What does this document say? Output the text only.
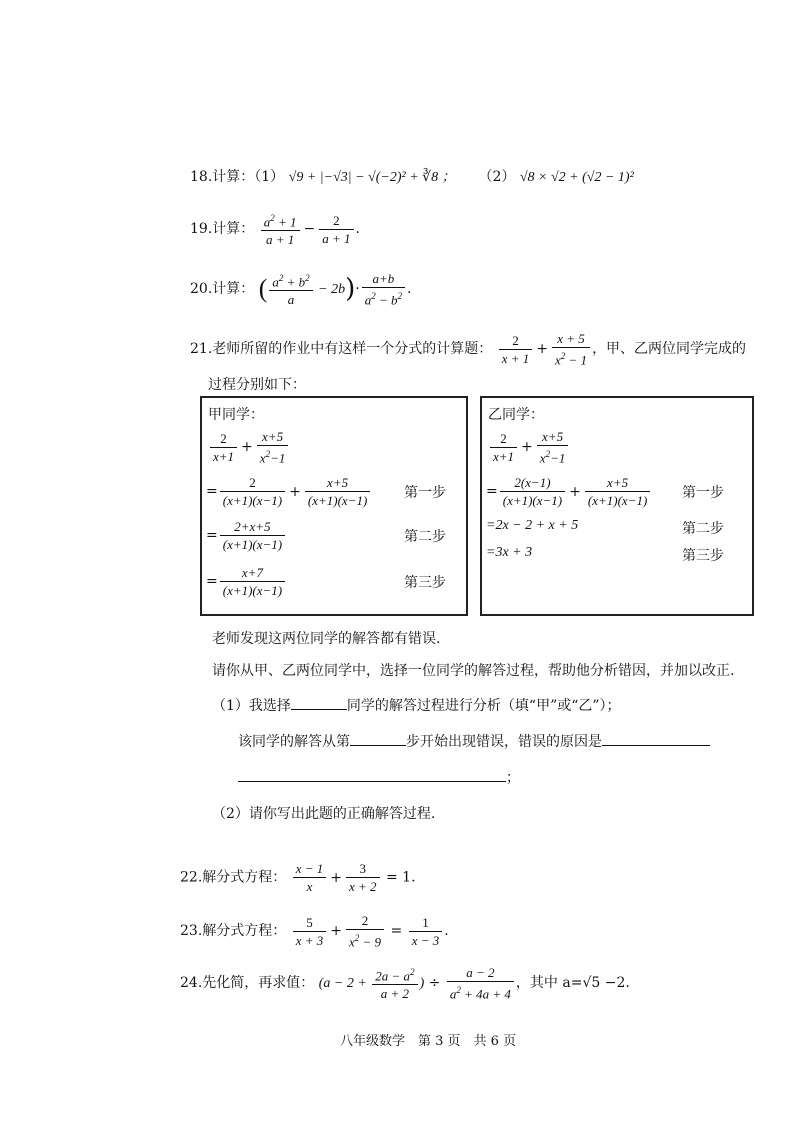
18.计算：（1） √9 + |−√3| − √(−2)² + ∛8 ； （2） √8 × √2 + (√2 − 1)²
19.计算： $\frac{a^2 + 1}{a + 1} - \frac{2}{a + 1}$ .
20.计算： ( $\frac{a^2 + b^2}{a} - 2b)\cdot \frac{a+b}{a^2 - b^2}$ .
21.老师所留的作业中有这样一个分式的计算题： $\frac{2}{x + 1} + \frac{x + 5}{x^2 - 1}$ ，甲、乙两位同学完成的
过程分别如下：
甲同学：
$\frac{2}{x+1} + \frac{x+5}{x^2-1}$
= $\frac{2}{(x+1)(x-1)} + \frac{x+5}{(x+1)(x-1)}$ 第一步
= $\frac{2+x+5}{(x+1)(x-1)}$	第二步
= $\frac{x+7}{(x+1)(x-1)}$	第三步
乙同学：
$\frac{2}{x+1} + \frac{x+5}{x^2-1}$
= $\frac{2(x-1)}{(x+1)(x-1)} + \frac{x+5}{(x+1)(x-1)}$ 第一步
=2x − 2 + x + 5	第二步
=3x + 3	第三步
老师发现这两位同学的解答都有错误.
请你从甲、乙两位同学中，选择一位同学的解答过程，帮助他分析错因，并加以改正.
（1）我选择	同学的解答过程进行分析（填“甲”或“乙”）；
该同学的解答从第	步开始出现错误，错误的原因是
；
（2）请你写出此题的正确解答过程.
22.解分式方程： $\frac{x - 1}{x} + \frac{3}{x + 2} = 1$.
23.解分式方程： $\frac{5}{x + 3} + \frac{2}{x^2 - 9} = \frac{1}{x - 3}$ .
24.先化简，再求值： ($a - 2 + \frac{2a - a^2}{a + 2}$ ) ÷ $\frac{a - 2}{a^2 + 4a + 4}$ ，其中 a=√5 −2.
八年级数学　第 3 页　共 6 页
